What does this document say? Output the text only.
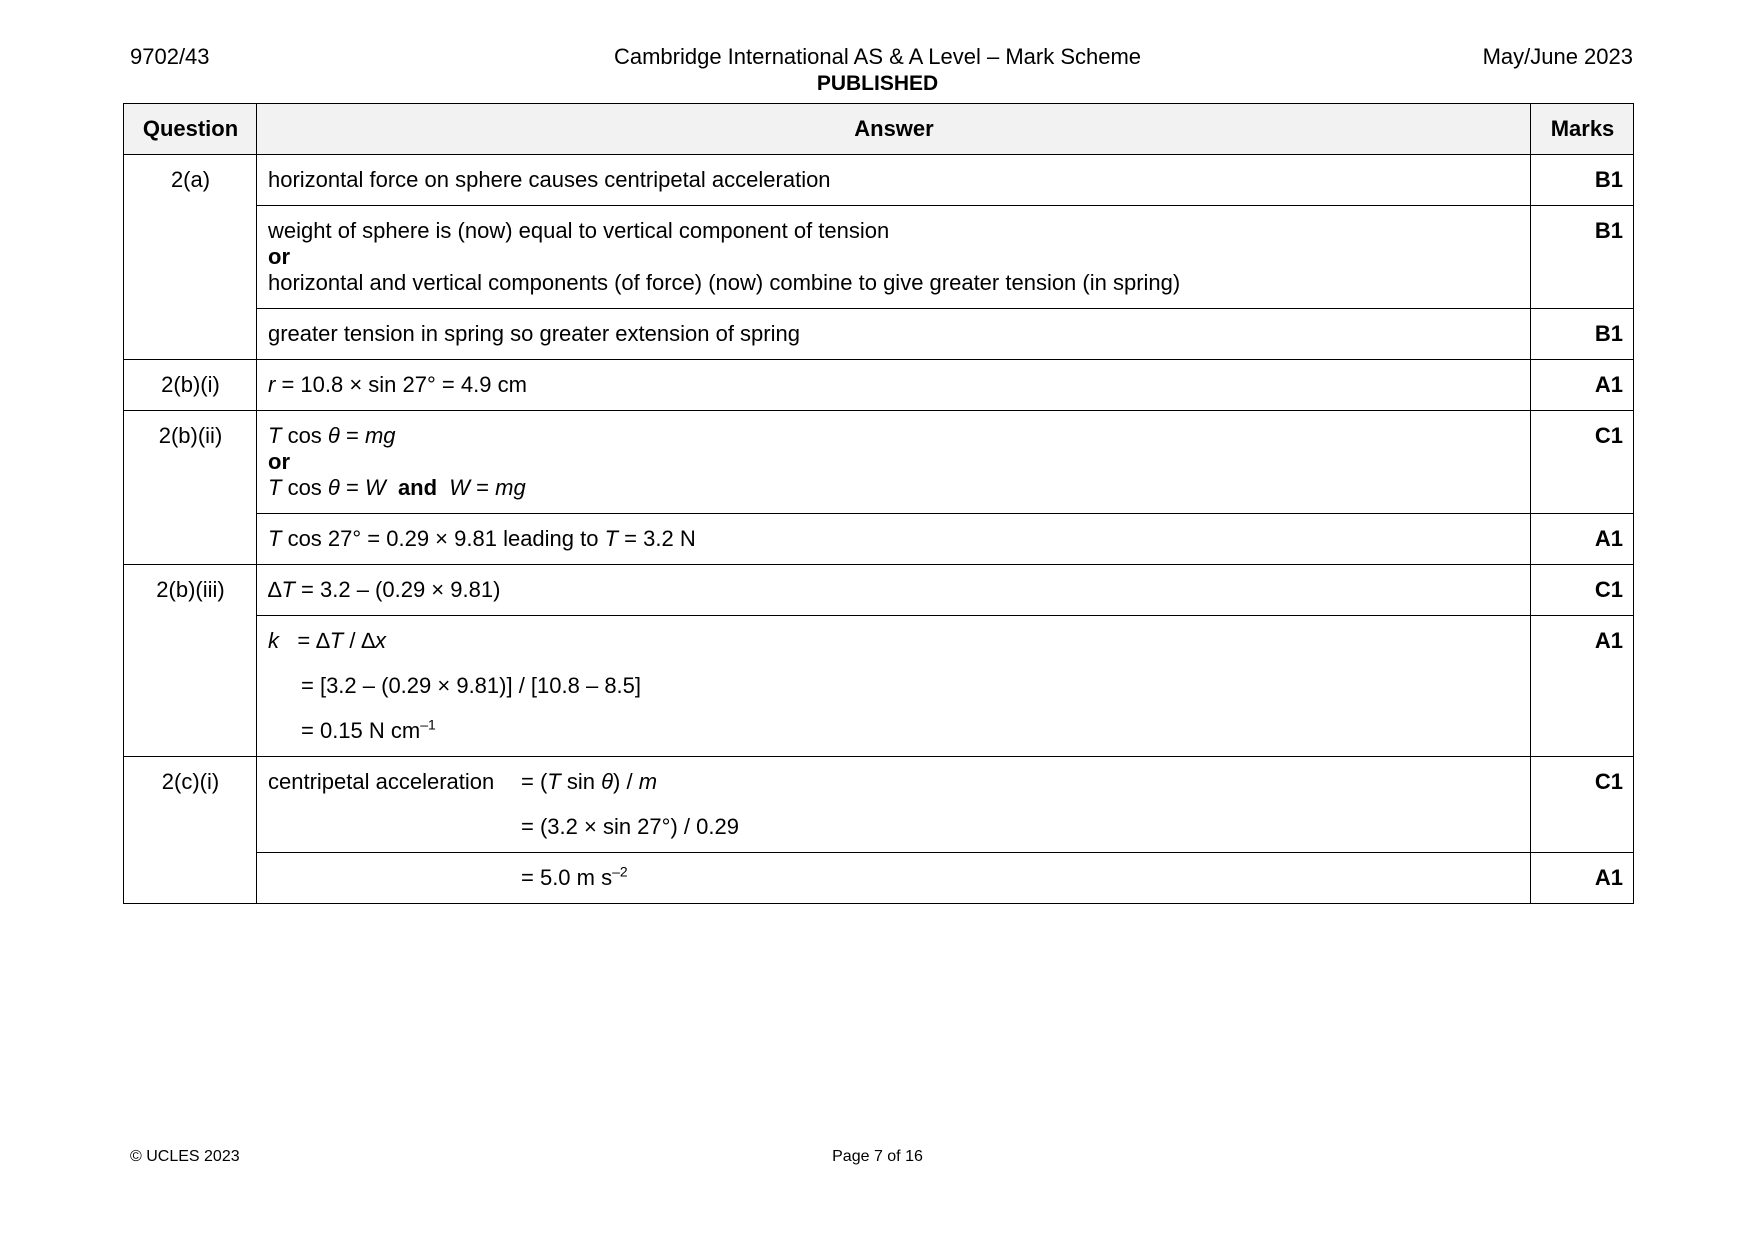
9702/43	Cambridge International AS & A Level – Mark Scheme	May/June 2023
PUBLISHED
Question	Answer	Marks
2(a)	horizontal force on sphere causes centripetal acceleration	B1

	weight of sphere is (now) equal to vertical component of tension
or
horizontal and vertical components (of force) (now) combine to give greater tension (in spring)	B1
	greater tension in spring so greater extension of spring	B1
2(b)(i)	r = 10.8 × sin 27° = 4.9 cm	A1
2(b)(ii)	T cos θ = mg
or
T cos θ = W and W = mg	C1
	T cos 27° = 0.29 × 9.81 leading to T = 3.2 N	A1
2(b)(iii)	∆T = 3.2 – (0.29 × 9.81)	C1

	k   = ∆T / ∆x
= [3.2 – (0.29 × 9.81)] / [10.8 – 8.5]
= 0.15 N $cm^{-1}$	A1
2(c)(i)	centripetal acceleration = (T sin θ) / m
= (3.2 × sin 27°) / 0.29	C1

	= 5.0 m $s^{-2}$	A1
© UCLES 2023	Page 7 of 16
